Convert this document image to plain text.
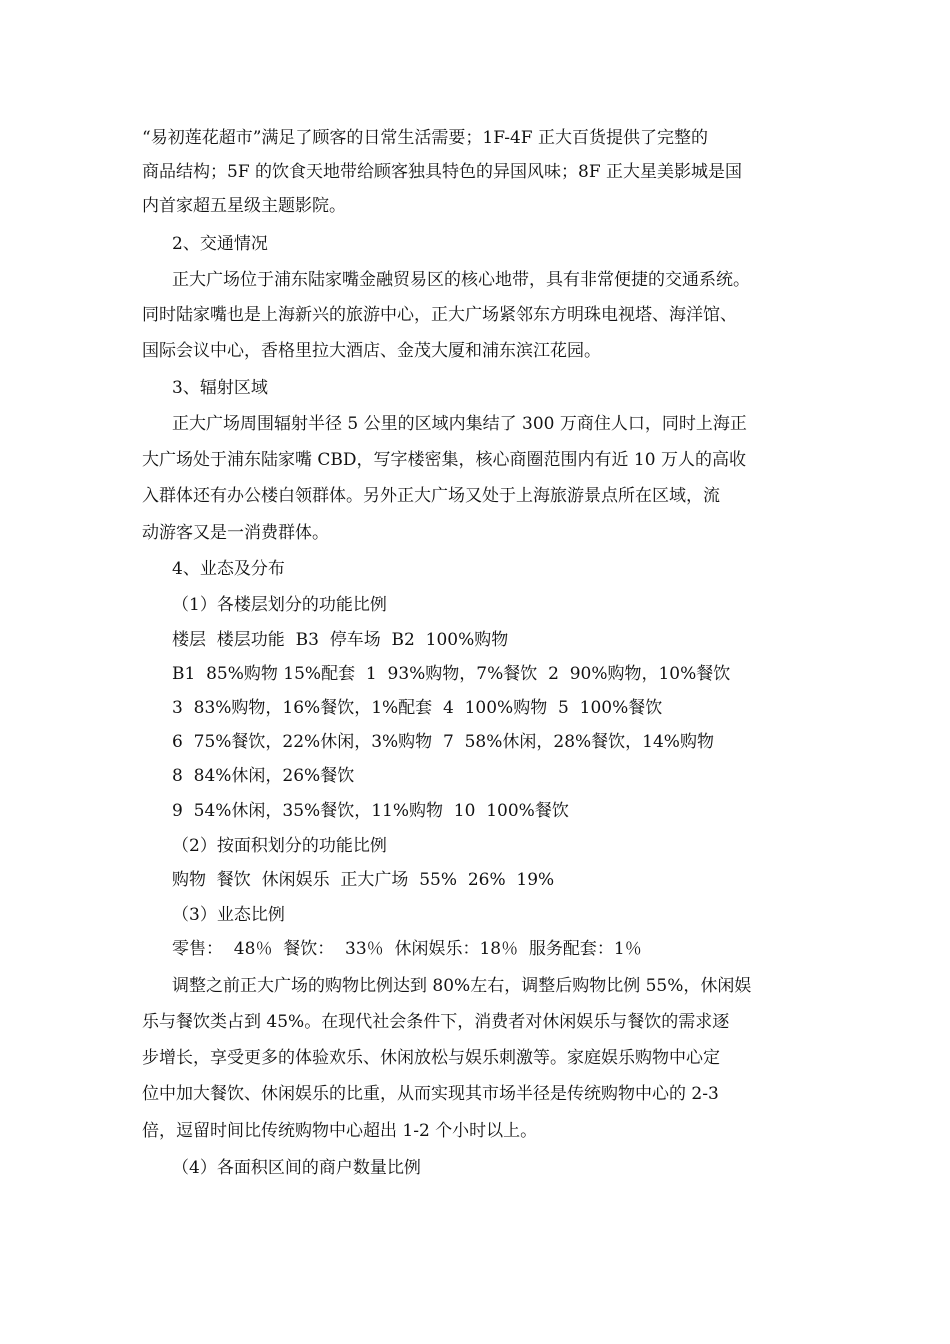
“易初莲花超市”满足了顾客的日常生活需要；1F-4F 正大百货提供了完整的
商品结构；5F 的饮食天地带给顾客独具特色的异国风味；8F 正大星美影城是国
内首家超五星级主题影院。
2、交通情况
正大广场位于浦东陆家嘴金融贸易区的核心地带，具有非常便捷的交通系统。
同时陆家嘴也是上海新兴的旅游中心，正大广场紧邻东方明珠电视塔、海洋馆、
国际会议中心，香格里拉大酒店、金茂大厦和浦东滨江花园。
3、辐射区域
正大广场周围辐射半径 5 公里的区域内集结了 300 万商住人口，同时上海正
大广场处于浦东陆家嘴 CBD，写字楼密集，核心商圈范围内有近 10 万人的高收
入群体还有办公楼白领群体。另外正大广场又处于上海旅游景点所在区域，流
动游客又是一消费群体。
4、业态及分布
（1）各楼层划分的功能比例
楼层  楼层功能  B3  停车场  B2  100%购物
B1  85%购物 15%配套  1  93%购物，7%餐饮  2  90%购物，10%餐饮
3  83%购物，16%餐饮，1%配套  4  100%购物  5  100%餐饮
6  75%餐饮，22%休闲，3%购物  7  58%休闲，28%餐饮，14%购物
8  84%休闲，26%餐饮
9  54%休闲，35%餐饮，11%购物  10  100%餐饮
（2）按面积划分的功能比例
购物  餐饮  休闲娱乐  正大广场  55%  26%  19%
（3）业态比例
零售：  48％  餐饮：  33％  休闲娱乐：18％  服务配套：1％
调整之前正大广场的购物比例达到 80%左右，调整后购物比例 55%，休闲娱
乐与餐饮类占到 45%。在现代社会条件下，消费者对休闲娱乐与餐饮的需求逐
步增长，享受更多的体验欢乐、休闲放松与娱乐刺激等。家庭娱乐购物中心定
位中加大餐饮、休闲娱乐的比重，从而实现其市场半径是传统购物中心的 2-3
倍，逗留时间比传统购物中心超出 1-2 个小时以上。
（4）各面积区间的商户数量比例
